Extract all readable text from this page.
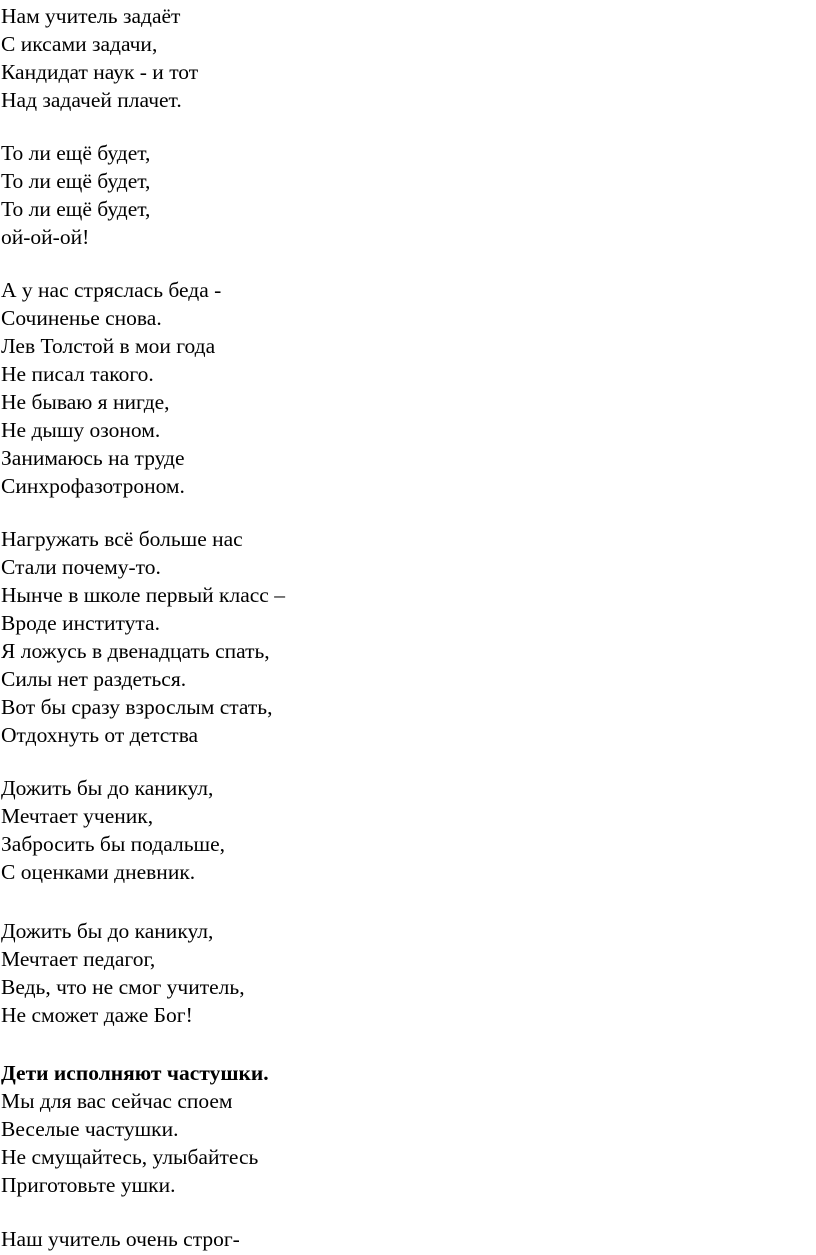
Нам учитель задаёт
С иксами задачи,
Кандидат наук - и тот
Над задачей плачет.
То ли ещё будет,
То ли ещё будет,
То ли ещё будет,
ой-ой-ой!
А у нас стряслась беда -
Сочиненье снова.
Лев Толстой в мои года
Не писал такого.
Не бываю я нигде,
Не дышу озоном.
Занимаюсь на труде
Синхрофазотроном.
Нагружать всё больше нас
Стали почему-то.
Нынче в школе первый класс –
Вроде института.
Я ложусь в двенадцать спать,
Силы нет раздеться.
Вот бы сразу взрослым стать,
Отдохнуть от детства
Дожить бы до каникул,
Мечтает ученик,
Забросить бы подальше,
С оценками дневник.
Дожить бы до каникул,
Мечтает педагог,
Ведь, что не смог учитель,
Не сможет даже Бог!
Дети исполняют частушки.
Мы для вас сейчас споем
Веселые частушки.
Не смущайтесь, улыбайтесь
Приготовьте ушки.
Наш учитель очень строг-
